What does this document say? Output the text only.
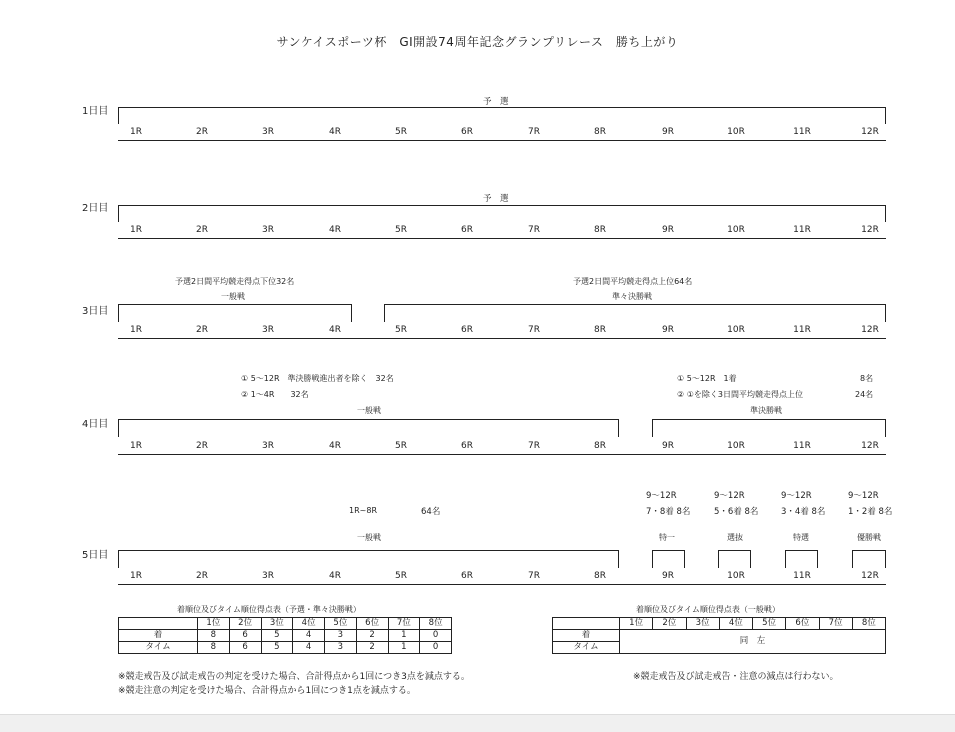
サンケイスポーツ杯　GⅠ開設74周年記念グランプリレース　勝ち上がり
1日目
2日目
3日目
4日目
5日目
予　選
1R	2R	3R	4R	5R	6R	7R	8R	9R	10R	11R	12R
予　選
1R	2R	3R	4R	5R	6R	7R	8R	9R	10R	11R	12R
予選2日間平均競走得点下位32名
一般戦
予選2日間平均競走得点上位64名
準々決勝戦
1R	2R	3R	4R	5R	6R	7R	8R	9R	10R	11R	12R
① 5～12R　準決勝戦進出者を除く　32名
② 1～4R　　32名
一般戦
① 5～12R　1着	8名
② ①を除く3日間平均競走得点上位	24名
準決勝戦
1R	2R	3R	4R	5R	6R	7R	8R	9R	10R	11R	12R
1R~8R	64名
一般戦
9～12R
7・8着 8名
特一
9～12R
5・6着 8名
選抜
9～12R
3・4着 8名
特選
9～12R
1・2着 8名
優勝戦
1R	2R	3R	4R	5R	6R	7R	8R	9R	10R	11R	12R
着順位及びタイム順位得点表（予選・準々決勝戦）
	1位	2位	3位	4位	5位	6位	7位	8位
着	8	6	5	4	3	2	1	0
タイム	8	6	5	4	3	2	1	0
着順位及びタイム順位得点表（一般戦）
	1位	2位	3位	4位	5位	6位	7位	8位
着	同　左							
タイム								
※競走戒告及び試走戒告の判定を受けた場合、合計得点から1回につき3点を減点する。
※競走注意の判定を受けた場合、合計得点から1回につき1点を減点する。
※競走戒告及び試走戒告・注意の減点は行わない。
